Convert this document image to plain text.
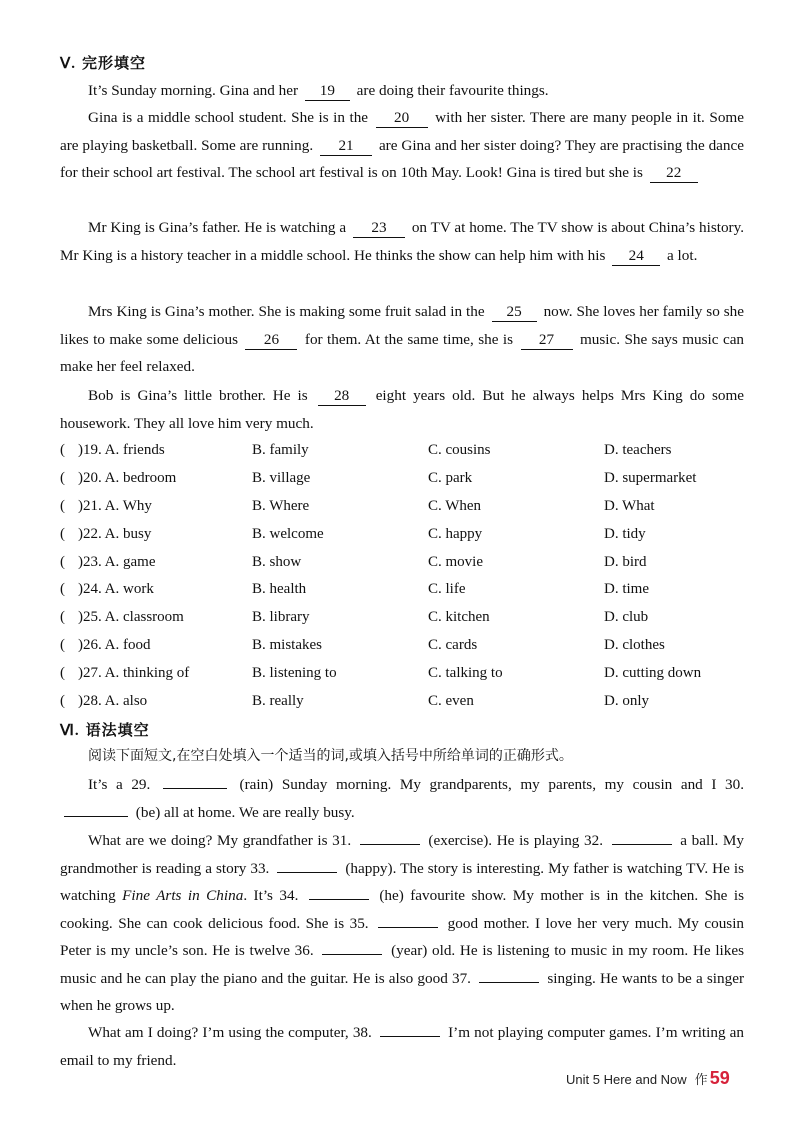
Ⅴ. 完形填空
It’s Sunday morning. Gina and her 19 are doing their favourite things.
Gina is a middle school student. She is in the 20 with her sister. There are many people in it. Some are playing basketball. Some are running. 21 are Gina and her sister doing? They are practising the dance for their school art festival. The school art festival is on 10th May. Look! Gina is tired but she is 22
Mr King is Gina’s father. He is watching a 23 on TV at home. The TV show is about China’s history. Mr King is a history teacher in a middle school. He thinks the show can help him with his 24 a lot.
Mrs King is Gina’s mother. She is making some fruit salad in the 25 now. She loves her family so she likes to make some delicious 26 for them. At the same time, she is 27 music. She says music can make her feel relaxed.
Bob is Gina’s little brother. He is 28 eight years old. But he always helps Mrs King do some housework. They all love him very much.
( )19. A. friends	B. family	C. cousins	D. teachers
( )20. A. bedroom	B. village	C. park	D. supermarket
( )21. A. Why	B. Where	C. When	D. What
( )22. A. busy	B. welcome	C. happy	D. tidy
( )23. A. game	B. show	C. movie	D. bird
( )24. A. work	B. health	C. life	D. time
( )25. A. classroom	B. library	C. kitchen	D. club
( )26. A. food	B. mistakes	C. cards	D. clothes
( )27. A. thinking of	B. listening to	C. talking to	D. cutting down
( )28. A. also	B. really	C. even	D. only
Ⅵ. 语法填空
阅读下面短文,在空白处填入一个适当的词,或填入括号中所给单词的正确形式。
It’s a 29.	(rain) Sunday morning. My grandparents, my parents, my cousin and I 30.  (be) all at home. We are really busy.
What are we doing? My grandfather is 31.	(exercise). He is playing 32.	a ball. My grandmother is reading a story 33.	(happy). The story is interesting. My father is watching TV. He is watching Fine Arts in China. It’s 34.	(he) favourite show. My mother is in the kitchen. She is cooking. She can cook delicious food. She is 35.	good mother. I love her very much. My cousin Peter is my uncle’s son. He is twelve 36.	(year) old. He is listening to music in my room. He likes music and he can play the piano and the guitar. He is also good 37.	singing. He wants to be a singer when he grows up.
What am I doing? I’m using the computer, 38.	I’m not playing computer games. I’m writing an email to my friend.
Unit 5 Here and Now 作 59
